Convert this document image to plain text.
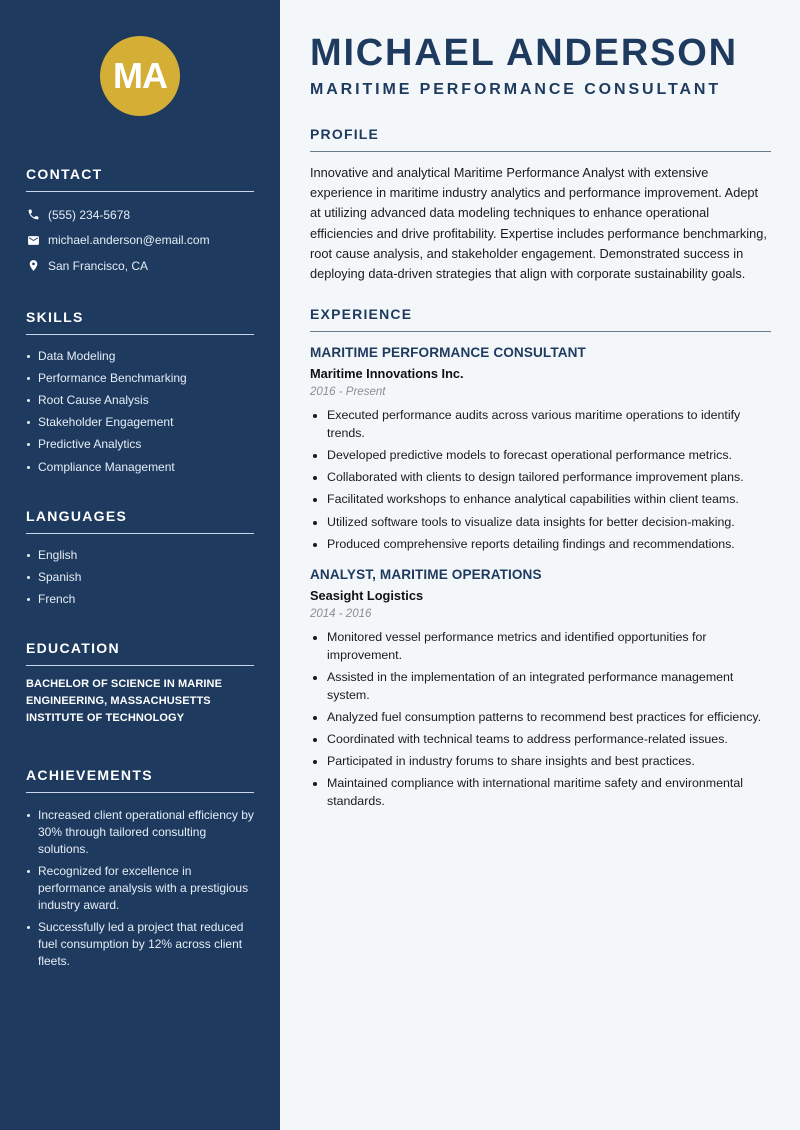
MA
CONTACT
(555) 234-5678
michael.anderson@email.com
San Francisco, CA
SKILLS
Data Modeling
Performance Benchmarking
Root Cause Analysis
Stakeholder Engagement
Predictive Analytics
Compliance Management
LANGUAGES
English
Spanish
French
EDUCATION

BACHELOR OF SCIENCE IN MARINE ENGINEERING, MASSACHUSETTS INSTITUTE OF TECHNOLOGY

ACHIEVEMENTS
Increased client operational efficiency by 30% through tailored consulting solutions.
Recognized for excellence in performance analysis with a prestigious industry award.
Successfully led a project that reduced fuel consumption by 12% across client fleets.
MICHAEL ANDERSON
MARITIME PERFORMANCE CONSULTANT
PROFILE

Innovative and analytical Maritime Performance Analyst with extensive experience in maritime industry analytics and performance improvement. Adept at utilizing advanced data modeling techniques to enhance operational efficiencies and drive profitability. Expertise includes performance benchmarking, root cause analysis, and stakeholder engagement. Demonstrated success in deploying data-driven strategies that align with corporate sustainability goals.

EXPERIENCE
MARITIME PERFORMANCE CONSULTANT
Maritime Innovations Inc.
2016 - Present
Executed performance audits across various maritime operations to identify trends.
Developed predictive models to forecast operational performance metrics.
Collaborated with clients to design tailored performance improvement plans.
Facilitated workshops to enhance analytical capabilities within client teams.
Utilized software tools to visualize data insights for better decision-making.
Produced comprehensive reports detailing findings and recommendations.
ANALYST, MARITIME OPERATIONS
Seasight Logistics
2014 - 2016
Monitored vessel performance metrics and identified opportunities for improvement.
Assisted in the implementation of an integrated performance management system.
Analyzed fuel consumption patterns to recommend best practices for efficiency.
Coordinated with technical teams to address performance-related issues.
Participated in industry forums to share insights and best practices.
Maintained compliance with international maritime safety and environmental standards.
